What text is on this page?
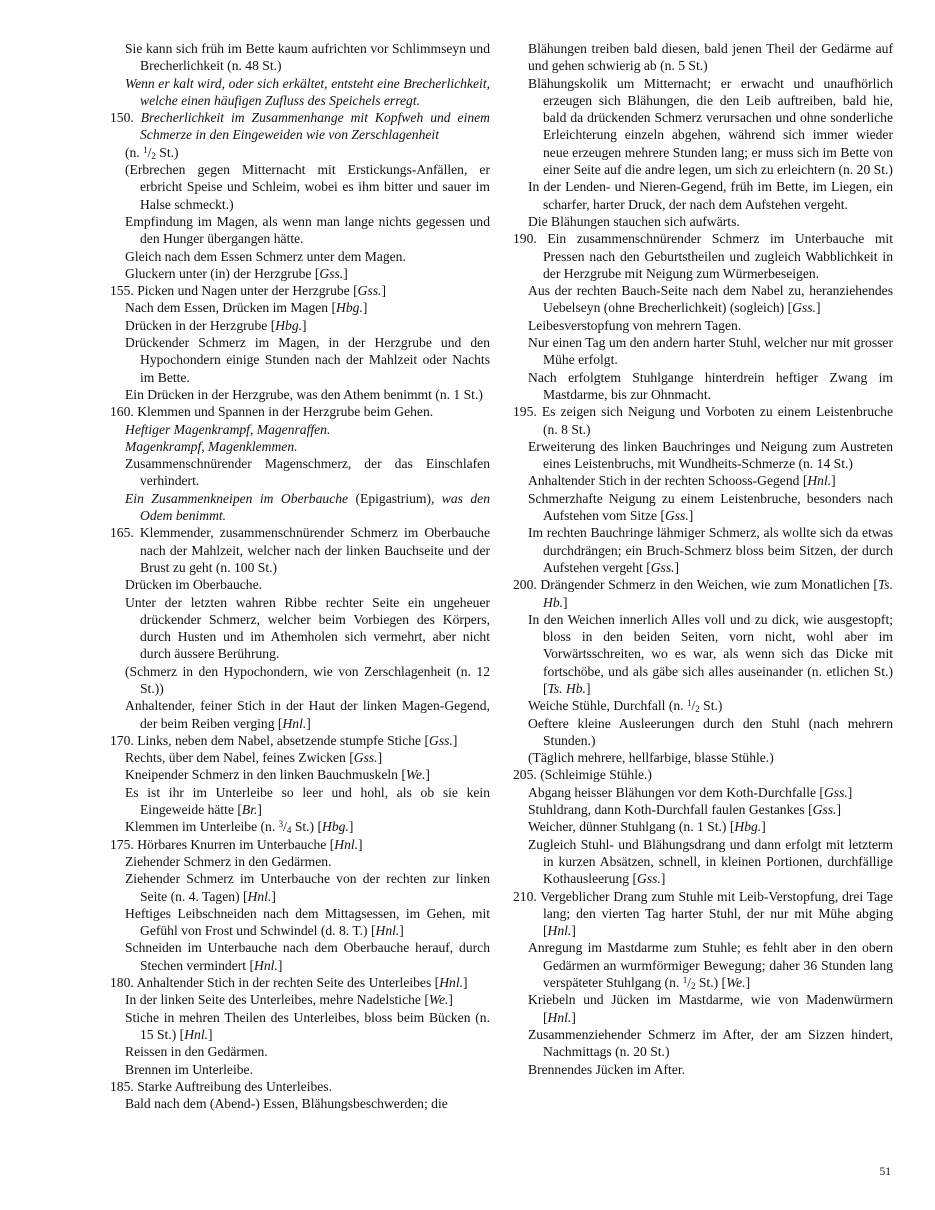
Sie kann sich früh im Bette kaum aufrichten vor Schlimmseyn und Brecherlichkeit (n. 48 St.)
Wenn er kalt wird, oder sich erkältet, entsteht eine Brecherlichkeit, welche einen häufigen Zufluss des Speichels erregt.
150. Brecherlichkeit im Zusammenhange mit Kopfweh und einem Schmerze in den Eingeweiden wie von Zerschlagenheit
(n. $^1/_2$ St.)
(Erbrechen gegen Mitternacht mit Erstickungs-Anfällen, er erbricht Speise und Schleim, wobei es ihm bitter und sauer im Halse schmeckt.)
Empfindung im Magen, als wenn man lange nichts gegessen und den Hunger übergangen hätte.
Gleich nach dem Essen Schmerz unter dem Magen.
Gluckern unter (in) der Herzgrube [Gss.]
155. Picken und Nagen unter der Herzgrube [Gss.]
Nach dem Essen, Drücken im Magen [Hbg.]
Drücken in der Herzgrube [Hbg.]
Drückender Schmerz im Magen, in der Herzgrube und den Hypochondern einige Stunden nach der Mahlzeit oder Nachts im Bette.
Ein Drücken in der Herzgrube, was den Athem benimmt (n. 1 St.)
160. Klemmen und Spannen in der Herzgrube beim Gehen.
Heftiger Magenkrampf, Magenraffen.
Magenkrampf, Magenklemmen.
Zusammenschnürender Magenschmerz, der das Einschlafen verhindert.
Ein Zusammenkneipen im Oberbauche (Epigastrium), was den Odem benimmt.
165. Klemmender, zusammenschnürender Schmerz im Oberbauche nach der Mahlzeit, welcher nach der linken Bauchseite und der Brust zu geht (n. 100 St.)
Drücken im Oberbauche.
Unter der letzten wahren Ribbe rechter Seite ein ungeheuer drückender Schmerz, welcher beim Vorbiegen des Körpers, durch Husten und im Athemholen sich vermehrt, aber nicht durch äussere Berührung.
(Schmerz in den Hypochondern, wie von Zerschlagenheit (n. 12 St.))
Anhaltender, feiner Stich in der Haut der linken Magen-Gegend, der beim Reiben verging [Hnl.]
170. Links, neben dem Nabel, absetzende stumpfe Stiche [Gss.]
Rechts, über dem Nabel, feines Zwicken [Gss.]
Kneipender Schmerz in den linken Bauchmuskeln [We.]
Es ist ihr im Unterleibe so leer und hohl, als ob sie kein Eingeweide hätte [Br.]
Klemmen im Unterleibe (n. $^3/_4$ St.) [Hbg.]
175. Hörbares Knurren im Unterbauche [Hnl.]
Ziehender Schmerz in den Gedärmen.
Ziehender Schmerz im Unterbauche von der rechten zur linken Seite (n. 4. Tagen) [Hnl.]
Heftiges Leibschneiden nach dem Mittagsessen, im Gehen, mit Gefühl von Frost und Schwindel (d. 8. T.) [Hnl.]
Schneiden im Unterbauche nach dem Oberbauche herauf, durch Stechen vermindert [Hnl.]
180. Anhaltender Stich in der rechten Seite des Unterleibes [Hnl.]
In der linken Seite des Unterleibes, mehre Nadelstiche [We.]
Stiche in mehren Theilen des Unterleibes, bloss beim Bücken (n. 15 St.) [Hnl.]
Reissen in den Gedärmen.
Brennen im Unterleibe.
185. Starke Auftreibung des Unterleibes.
Bald nach dem (Abend-) Essen, Blähungsbeschwerden; die
Blähungen treiben bald diesen, bald jenen Theil der Gedärme auf und gehen schwierig ab (n. 5 St.)
Blähungskolik um Mitternacht; er erwacht und unaufhörlich erzeugen sich Blähungen, die den Leib auftreiben, bald hie, bald da drückenden Schmerz verursachen und ohne sonderliche Erleichterung einzeln abgehen, während sich immer wieder neue erzeugen mehrere Stunden lang; er muss sich im Bette von einer Seite auf die andre legen, um sich zu erleichtern (n. 20 St.)
In der Lenden- und Nieren-Gegend, früh im Bette, im Liegen, ein scharfer, harter Druck, der nach dem Aufstehen vergeht.
Die Blähungen stauchen sich aufwärts.
190. Ein zusammenschnürender Schmerz im Unterbauche mit Pressen nach den Geburtstheilen und zugleich Wabblichkeit in der Herzgrube mit Neigung zum Würmerbeseigen.
Aus der rechten Bauch-Seite nach dem Nabel zu, heranziehendes Uebelseyn (ohne Brecherlichkeit) (sogleich) [Gss.]
Leibesverstopfung von mehrern Tagen.
Nur einen Tag um den andern harter Stuhl, welcher nur mit grosser Mühe erfolgt.
Nach erfolgtem Stuhlgange hinterdrein heftiger Zwang im Mastdarme, bis zur Ohnmacht.
195. Es zeigen sich Neigung und Vorboten zu einem Leistenbruche (n. 8 St.)
Erweiterung des linken Bauchringes und Neigung zum Austreten eines Leistenbruchs, mit Wundheits-Schmerze (n. 14 St.)
Anhaltender Stich in der rechten Schooss-Gegend [Hnl.]
Schmerzhafte Neigung zu einem Leistenbruche, besonders nach Aufstehen vom Sitze [Gss.]
Im rechten Bauchringe lähmiger Schmerz, als wollte sich da etwas durchdrängen; ein Bruch-Schmerz bloss beim Sitzen, der durch Aufstehen vergeht [Gss.]
200. Drängender Schmerz in den Weichen, wie zum Monatlichen [Ts. Hb.]
In den Weichen innerlich Alles voll und zu dick, wie ausgestopft; bloss in den beiden Seiten, vorn nicht, wohl aber im Vorwärtsschreiten, wo es war, als wenn sich das Dicke mit fortschöbe, und als gäbe sich alles auseinander (n. etlichen St.) [Ts. Hb.]
Weiche Stühle, Durchfall (n. $^1/_2$ St.)
Oeftere kleine Ausleerungen durch den Stuhl (nach mehrern Stunden.)
(Täglich mehrere, hellfarbige, blasse Stühle.)
205. (Schleimige Stühle.)
Abgang heisser Blähungen vor dem Koth-Durchfalle [Gss.]
Stuhldrang, dann Koth-Durchfall faulen Gestankes [Gss.]
Weicher, dünner Stuhlgang (n. 1 St.) [Hbg.]
Zugleich Stuhl- und Blähungsdrang und dann erfolgt mit letzterm in kurzen Absätzen, schnell, in kleinen Portionen, durchfällige Kothausleerung [Gss.]
210. Vergeblicher Drang zum Stuhle mit Leib-Verstopfung, drei Tage lang; den vierten Tag harter Stuhl, der nur mit Mühe abging [Hnl.]
Anregung im Mastdarme zum Stuhle; es fehlt aber in den obern Gedärmen an wurmförmiger Bewegung; daher 36 Stunden lang verspäteter Stuhlgang (n. $^1/_2$ St.) [We.]
Kriebeln und Jücken im Mastdarme, wie von Madenwürmern [Hnl.]
Zusammenziehender Schmerz im After, der am Sizzen hindert, Nachmittags (n. 20 St.)
Brennendes Jücken im After.
51
